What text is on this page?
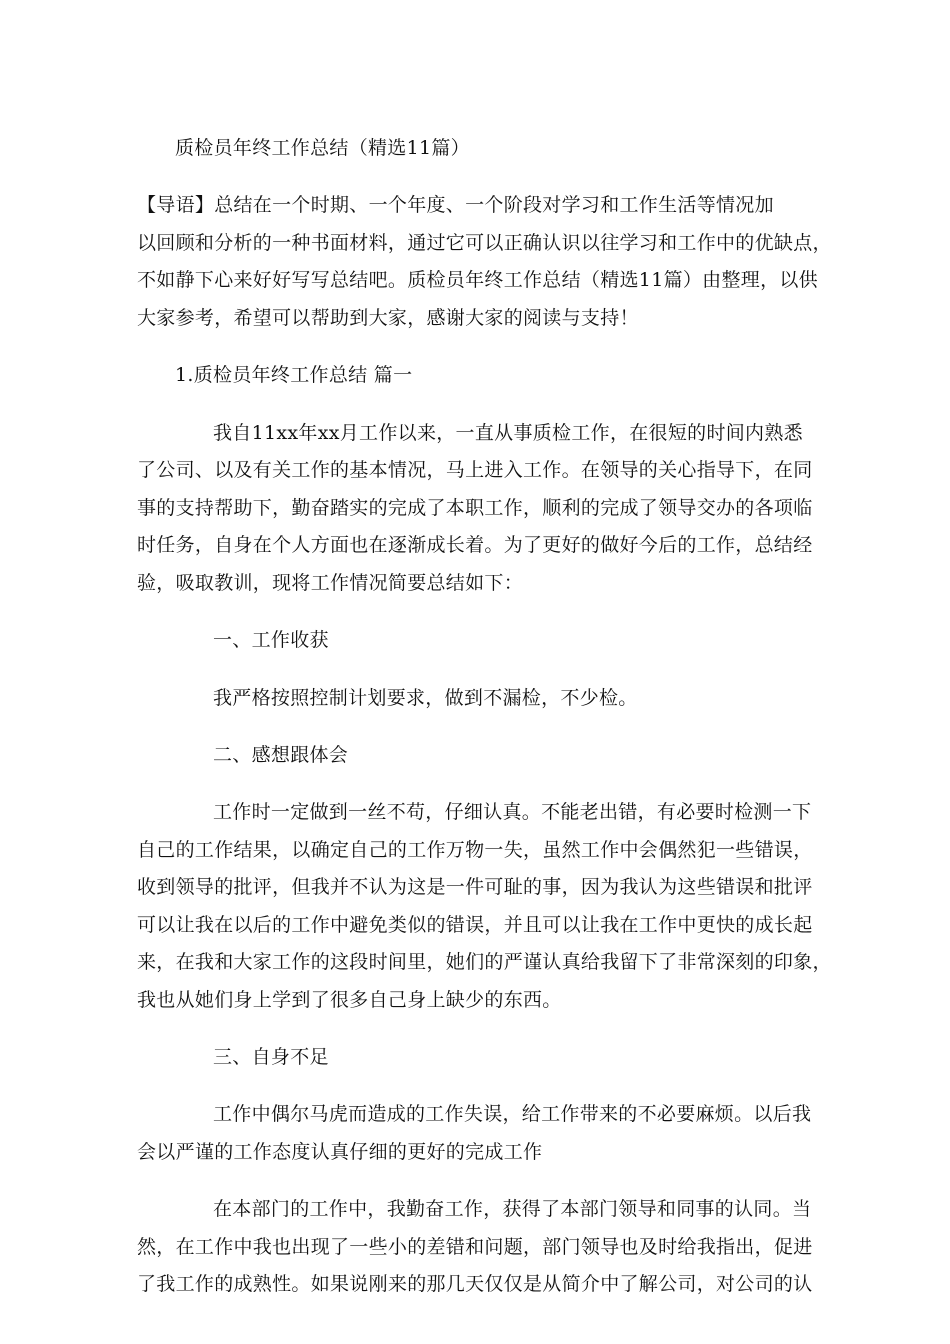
质检员年终工作总结（精选11篇）
【导语】总结在一个时期、一个年度、一个阶段对学习和工作生活等情况加
以回顾和分析的一种书面材料，通过它可以正确认识以往学习和工作中的优缺点，
不如静下心来好好写写总结吧。质检员年终工作总结（精选11篇）由整理，以供
大家参考，希望可以帮助到大家，感谢大家的阅读与支持！
1.质检员年终工作总结 篇一
我自11xx年xx月工作以来，一直从事质检工作，在很短的时间内熟悉
了公司、以及有关工作的基本情况，马上进入工作。在领导的关心指导下，在同
事的支持帮助下，勤奋踏实的完成了本职工作，顺利的完成了领导交办的各项临
时任务，自身在个人方面也在逐渐成长着。为了更好的做好今后的工作，总结经
验，吸取教训，现将工作情况简要总结如下：
一、工作收获
我严格按照控制计划要求，做到不漏检，不少检。
二、感想跟体会
工作时一定做到一丝不苟，仔细认真。不能老出错，有必要时检测一下
自己的工作结果，以确定自己的工作万物一失，虽然工作中会偶然犯一些错误，
收到领导的批评，但我并不认为这是一件可耻的事，因为我认为这些错误和批评
可以让我在以后的工作中避免类似的错误，并且可以让我在工作中更快的成长起
来，在我和大家工作的这段时间里，她们的严谨认真给我留下了非常深刻的印象，
我也从她们身上学到了很多自己身上缺少的东西。
三、自身不足
工作中偶尔马虎而造成的工作失误，给工作带来的不必要麻烦。以后我
会以严谨的工作态度认真仔细的更好的完成工作
在本部门的工作中，我勤奋工作，获得了本部门领导和同事的认同。当
然，在工作中我也出现了一些小的差错和问题，部门领导也及时给我指出，促进
了我工作的成熟性。如果说刚来的那几天仅仅是从简介中了解公司，对公司的认
